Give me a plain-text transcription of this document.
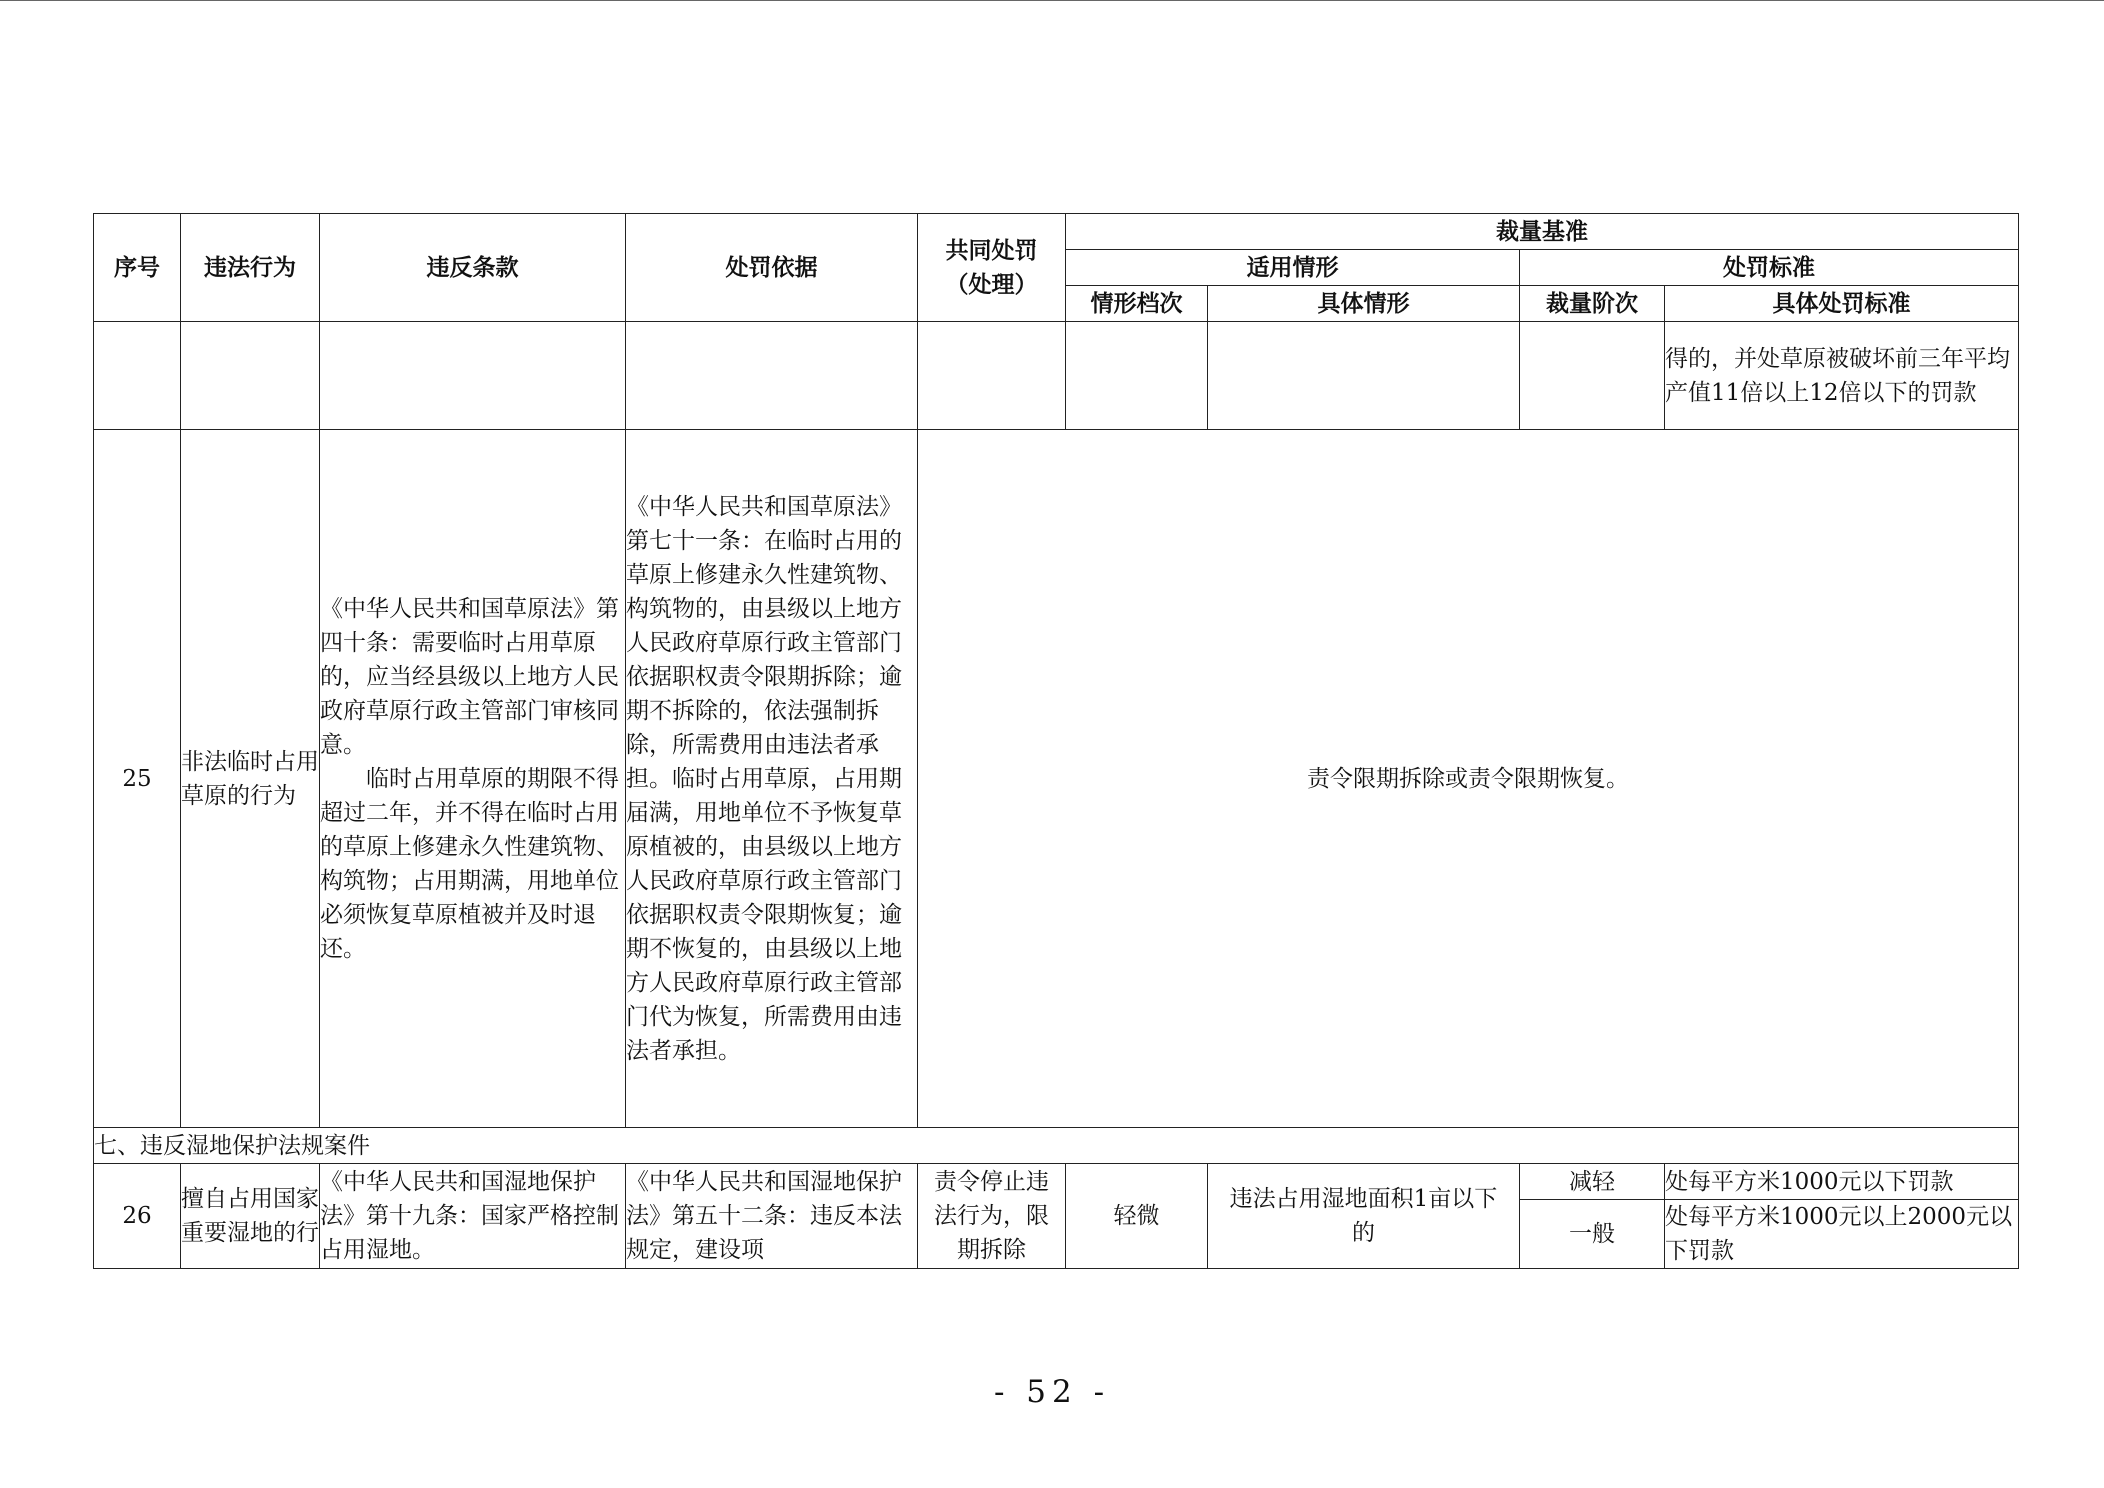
序号	违法行为	违反条款	处罚依据	共同处罚
（处理）	裁量基准			
					适用情形		处罚标准	
					情形档次	具体情形	裁量阶次	具体处罚标准
								得的，并处草原被破坏前三年平均产值11倍以上12倍以下的罚款
25	非法临时占用草原的行为	《中华人民共和国草原法》第四十条：需要临时占用草原的，应当经县级以上地方人民政府草原行政主管部门审核同意。
临时占用草原的期限不得超过二年，并不得在临时占用的草原上修建永久性建筑物、构筑物；占用期满，用地单位必须恢复草原植被并及时退还。	《中华人民共和国草原法》第七十一条：在临时占用的草原上修建永久性建筑物、构筑物的，由县级以上地方人民政府草原行政主管部门依据职权责令限期拆除；逾期不拆除的，依法强制拆除，所需费用由违法者承担。临时占用草原，占用期届满，用地单位不予恢复草原植被的，由县级以上地方人民政府草原行政主管部门依据职权责令限期恢复；逾期不恢复的，由县级以上地方人民政府草原行政主管部门代为恢复，所需费用由违法者承担。	责令限期拆除或责令限期恢复。				
七、违反湿地保护法规案件								
26	擅自占用国家重要湿地的行	《中华人民共和国湿地保护法》第十九条：国家严格控制占用湿地。	《中华人民共和国湿地保护法》第五十二条：违反本法规定，建设项	责令停止违法行为，限期拆除	轻微	违法占用湿地面积1亩以下的	减轻	处每平方米1000元以下罚款
							一般	处每平方米1000元以上2000元以下罚款
- 52 -
